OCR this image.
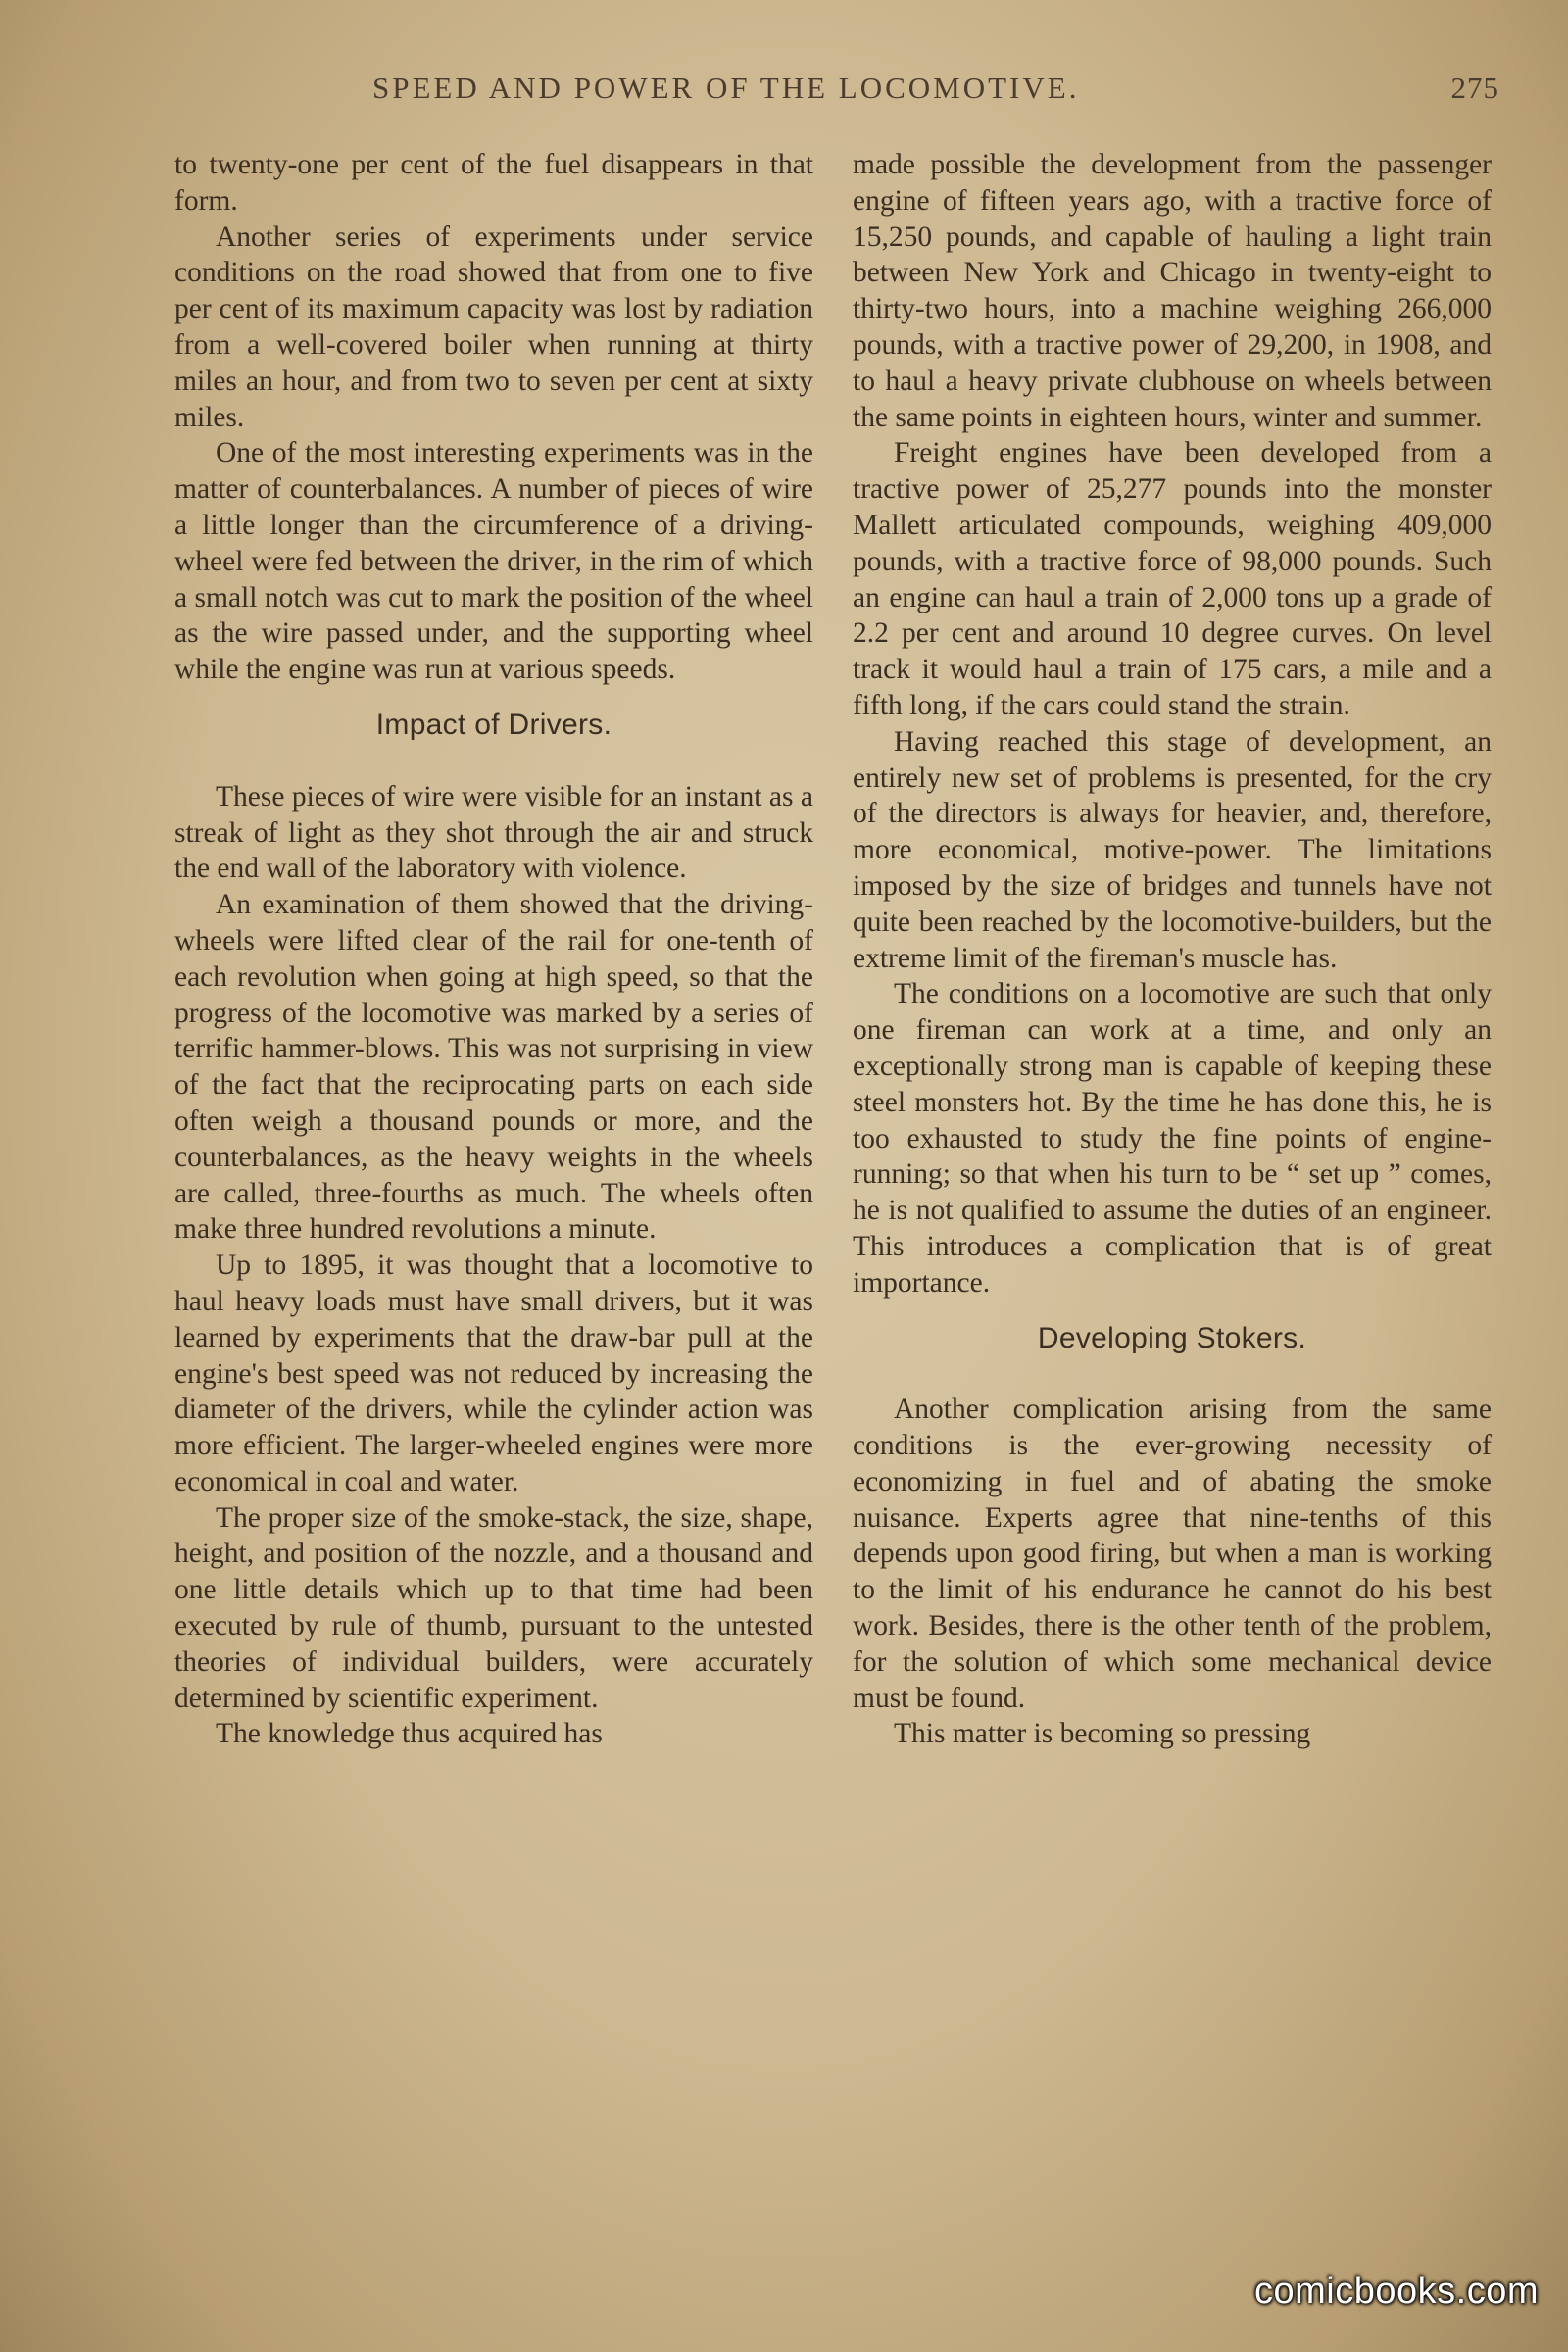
SPEED AND POWER OF THE LOCOMOTIVE.	275

to twenty-one per cent of the fuel disappears in that form.

Another series of experiments under service conditions on the road showed that from one to five per cent of its maximum capacity was lost by radiation from a well-covered boiler when running at thirty miles an hour, and from two to seven per cent at sixty miles.

One of the most interesting experiments was in the matter of counterbalances. A number of pieces of wire a little longer than the circumference of a driving-wheel were fed between the driver, in the rim of which a small notch was cut to mark the position of the wheel as the wire passed under, and the supporting wheel while the engine was run at various speeds.

Impact of Drivers.

These pieces of wire were visible for an instant as a streak of light as they shot through the air and struck the end wall of the laboratory with violence.

An examination of them showed that the driving-wheels were lifted clear of the rail for one-tenth of each revolution when going at high speed, so that the progress of the locomotive was marked by a series of terrific hammer-blows. This was not surprising in view of the fact that the reciprocating parts on each side often weigh a thousand pounds or more, and the counterbalances, as the heavy weights in the wheels are called, three-fourths as much. The wheels often make three hundred revolutions a minute.

Up to 1895, it was thought that a locomotive to haul heavy loads must have small drivers, but it was learned by experiments that the draw-bar pull at the engine's best speed was not reduced by increasing the diameter of the drivers, while the cylinder action was more efficient. The larger-wheeled engines were more economical in coal and water.

The proper size of the smoke-stack, the size, shape, height, and position of the nozzle, and a thousand and one little details which up to that time had been executed by rule of thumb, pursuant to the untested theories of individual builders, were accurately determined by scientific experiment.

The knowledge thus acquired has

made possible the development from the passenger engine of fifteen years ago, with a tractive force of 15,250 pounds, and capable of hauling a light train between New York and Chicago in twenty-eight to thirty-two hours, into a machine weighing 266,000 pounds, with a tractive power of 29,200, in 1908, and to haul a heavy private clubhouse on wheels between the same points in eighteen hours, winter and summer.

Freight engines have been developed from a tractive power of 25,277 pounds into the monster Mallett articulated compounds, weighing 409,000 pounds, with a tractive force of 98,000 pounds. Such an engine can haul a train of 2,000 tons up a grade of 2.2 per cent and around 10 degree curves. On level track it would haul a train of 175 cars, a mile and a fifth long, if the cars could stand the strain.

Having reached this stage of development, an entirely new set of problems is presented, for the cry of the directors is always for heavier, and, therefore, more economical, motive-power. The limitations imposed by the size of bridges and tunnels have not quite been reached by the locomotive-builders, but the extreme limit of the fireman's muscle has.

The conditions on a locomotive are such that only one fireman can work at a time, and only an exceptionally strong man is capable of keeping these steel monsters hot. By the time he has done this, he is too exhausted to study the fine points of engine-running; so that when his turn to be “ set up ” comes, he is not qualified to assume the duties of an engineer. This introduces a complication that is of great importance.

Developing Stokers.

Another complication arising from the same conditions is the ever-growing necessity of economizing in fuel and of abating the smoke nuisance. Experts agree that nine-tenths of this depends upon good firing, but when a man is working to the limit of his endurance he cannot do his best work. Besides, there is the other tenth of the problem, for the solution of which some mechanical device must be found.

This matter is becoming so pressing

comicbooks.com
